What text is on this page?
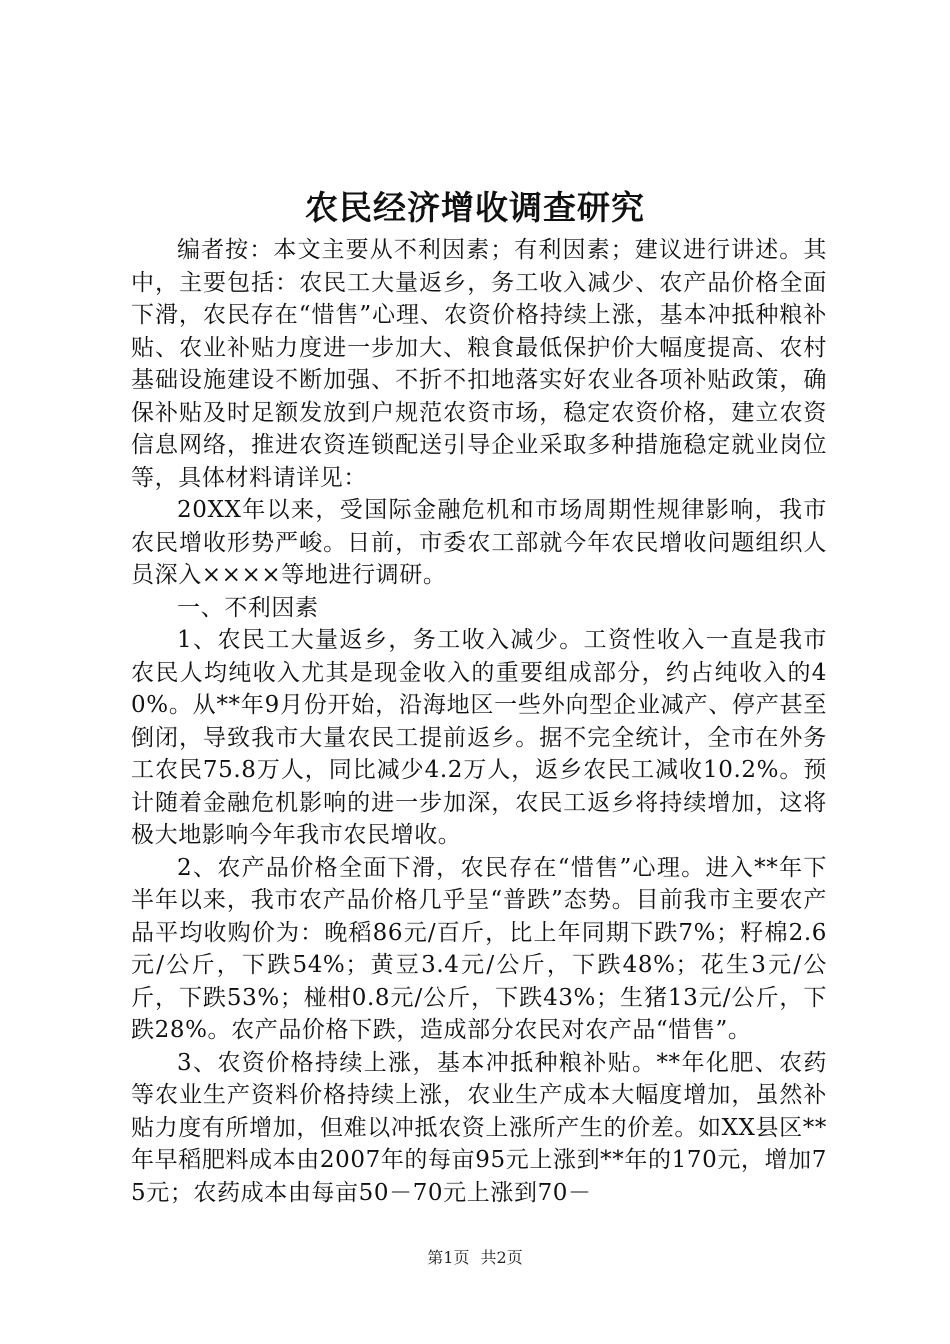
农民经济增收调查研究

编者按：本文主要从不利因素；有利因素；建议进行讲述。其中，主要包括：农民工大量返乡，务工收入减少、农产品价格全面下滑，农民存在“惜售”心理、农资价格持续上涨，基本冲抵种粮补贴、农业补贴力度进一步加大、粮食最低保护价大幅度提高、农村基础设施建设不断加强、不折不扣地落实好农业各项补贴政策，确保补贴及时足额发放到户规范农资市场，稳定农资价格，建立农资信息网络，推进农资连锁配送引导企业采取多种措施稳定就业岗位等，具体材料请详见：

20XX年以来，受国际金融危机和市场周期性规律影响，我市农民增收形势严峻。日前，市委农工部就今年农民增收问题组织人员深入××××等地进行调研。

一、不利因素

1、农民工大量返乡，务工收入减少。工资性收入一直是我市农民人均纯收入尤其是现金收入的重要组成部分，约占纯收入的40%。从**年9月份开始，沿海地区一些外向型企业减产、停产甚至倒闭，导致我市大量农民工提前返乡。据不完全统计，全市在外务工农民75.8万人，同比减少4.2万人，返乡农民工减收10.2%。预计随着金融危机影响的进一步加深，农民工返乡将持续增加，这将极大地影响今年我市农民增收。

2、农产品价格全面下滑，农民存在“惜售”心理。进入**年下半年以来，我市农产品价格几乎呈“普跌”态势。目前我市主要农产品平均收购价为：晚稻86元/百斤，比上年同期下跌7%；籽棉2.6元/公斤，下跌54%；黄豆3.4元/公斤，下跌48%；花生3元/公斤，下跌53%；椪柑0.8元/公斤，下跌43%；生猪13元/公斤，下跌28%。农产品价格下跌，造成部分农民对农产品“惜售”。

3、农资价格持续上涨，基本冲抵种粮补贴。**年化肥、农药等农业生产资料价格持续上涨，农业生产成本大幅度增加，虽然补贴力度有所增加，但难以冲抵农资上涨所产生的价差。如XX县区**年早稻肥料成本由2007年的每亩95元上涨到**年的170元，增加75元；农药成本由每亩50－70元上涨到70－

第1页 共2页
